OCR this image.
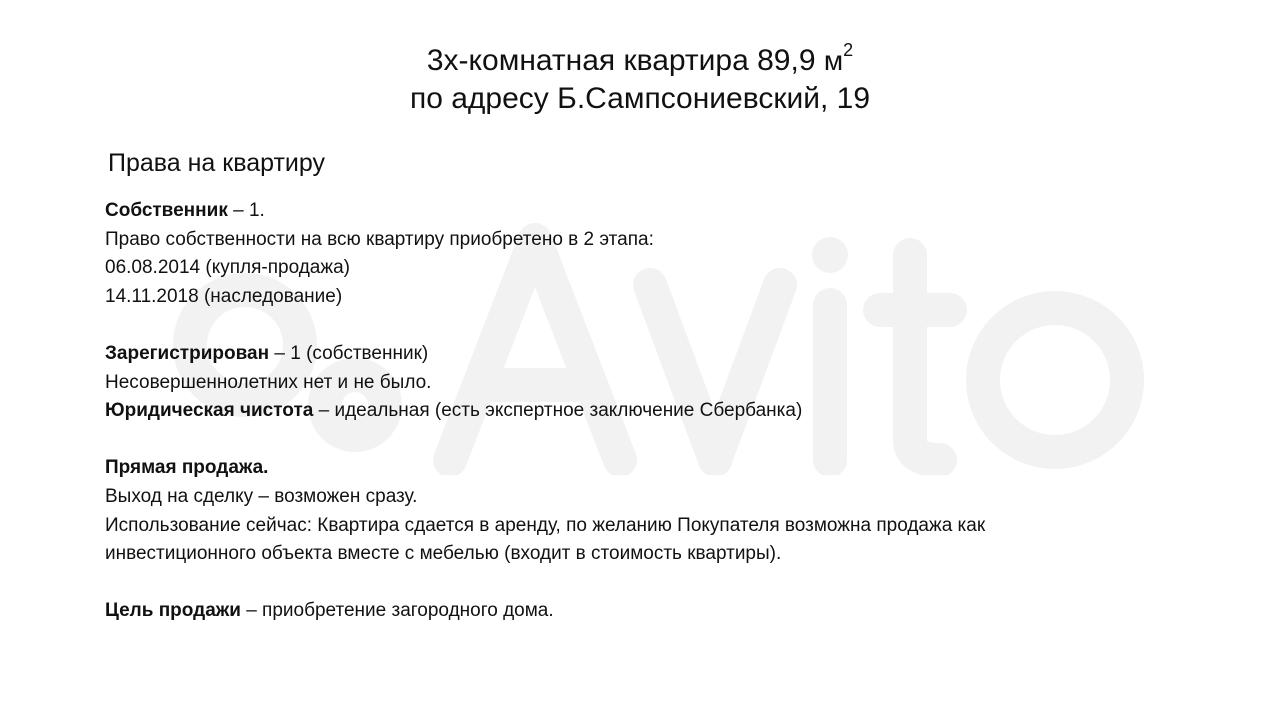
3х-комнатная квартира 89,9 $м^2$
по адресу Б.Сампсониевский, 19
Права на квартиру
Собственник – 1.
Право собственности на всю квартиру приобретено в 2 этапа:
06.08.2014 (купля-продажа)
14.11.2018 (наследование)
Зарегистрирован – 1 (собственник)
Несовершеннолетних нет и не было.
Юридическая чистота – идеальная (есть экспертное заключение Сбербанка)
Прямая продажа.
Выход на сделку – возможен сразу.
Использование сейчас: Квартира сдается в аренду, по желанию Покупателя возможна продажа как
инвестиционного объекта вместе с мебелью (входит в стоимость квартиры).
Цель продажи – приобретение загородного дома.
